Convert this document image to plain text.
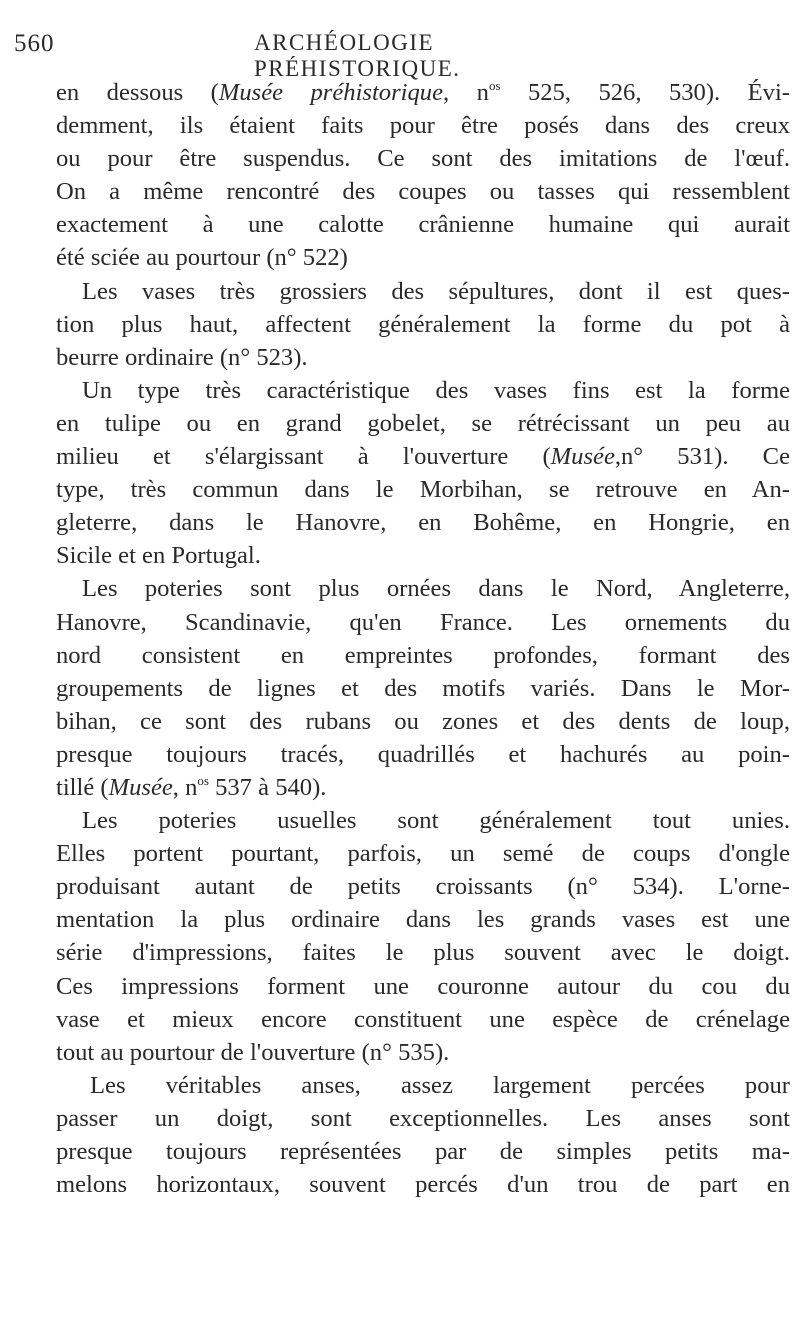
560	ARCHÉOLOGIE PRÉHISTORIQUE.
en dessous (Musée préhistorique, $n^{os}$ 525, 526, 530). Évi-
demment, ils étaient faits pour être posés dans des creux
ou pour être suspendus. Ce sont des imitations de l'œuf.
On a même rencontré des coupes ou tasses qui ressemblent
exactement à une calotte crânienne humaine qui aurait
été sciée au pourtour (n° 522)
Les vases très grossiers des sépultures, dont il est ques-
tion plus haut, affectent généralement la forme du pot à
beurre ordinaire (n° 523).
Un type très caractéristique des vases fins est la forme
en tulipe ou en grand gobelet, se rétrécissant un peu au
milieu et s'élargissant à l'ouverture (Musée,n° 531). Ce
type, très commun dans le Morbihan, se retrouve en An-
gleterre, dans le Hanovre, en Bohême, en Hongrie, en
Sicile et en Portugal.
Les poteries sont plus ornées dans le Nord, Angleterre,
Hanovre, Scandinavie, qu'en France. Les ornements du
nord consistent en empreintes profondes, formant des
groupements de lignes et des motifs variés. Dans le Mor-
bihan, ce sont des rubans ou zones et des dents de loup,
presque toujours tracés, quadrillés et hachurés au poin-
tillé (Musée, $n^{os}$ 537 à 540).
Les poteries usuelles sont généralement tout unies.
Elles portent pourtant, parfois, un semé de coups d'ongle
produisant autant de petits croissants (n° 534). L'orne-
mentation la plus ordinaire dans les grands vases est une
série d'impressions, faites le plus souvent avec le doigt.
Ces impressions forment une couronne autour du cou du
vase et mieux encore constituent une espèce de crénelage
tout au pourtour de l'ouverture (n° 535).
Les véritables anses, assez largement percées pour
passer un doigt, sont exceptionnelles. Les anses sont
presque toujours représentées par de simples petits ma-
melons horizontaux, souvent percés d'un trou de part en
